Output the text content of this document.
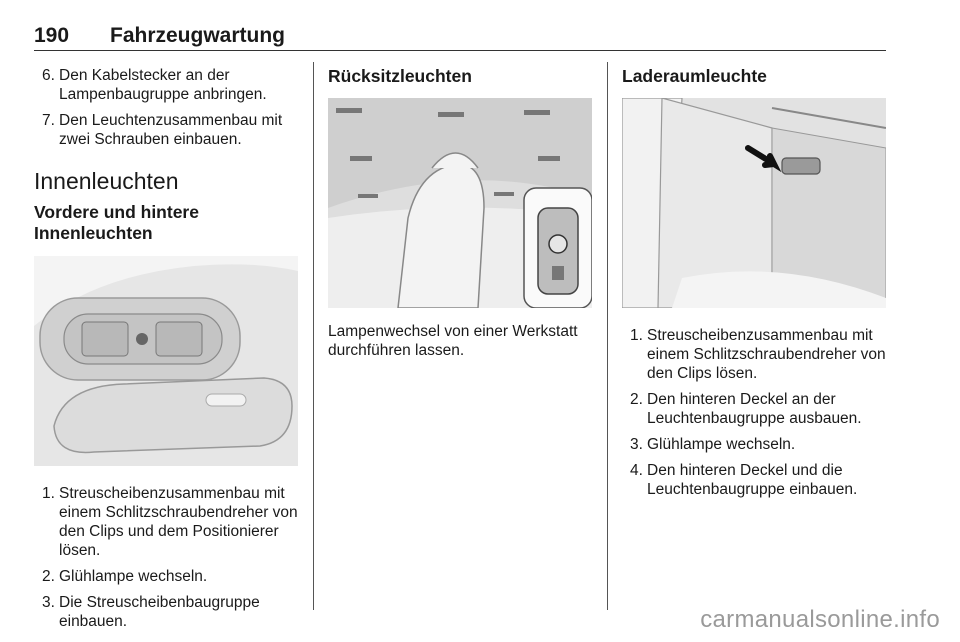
190 Fahrzeugwartung
6. Den Kabelstecker an der Lampenbaugruppe anbringen.
7. Den Leuchtenzusammenbau mit zwei Schrauben einbauen.
Innenleuchten
Vordere und hintere Innenleuchten
1. Streuscheibenzusammenbau mit einem Schlitzschraubendreher von den Clips und dem Positionierer lösen.
2. Glühlampe wechseln.
3. Die Streuscheibenbaugruppe einbauen.
Rücksitzleuchten

Lampenwechsel von einer Werkstatt durchführen lassen.

Laderaumleuchte
1. Streuscheibenzusammenbau mit einem Schlitzschraubendreher von den Clips lösen.
2. Den hinteren Deckel an der Leuchtenbaugruppe ausbauen.
3. Glühlampe wechseln.
4. Den hinteren Deckel und die Leuchtenbaugruppe einbauen.
carmanualsonline.info
